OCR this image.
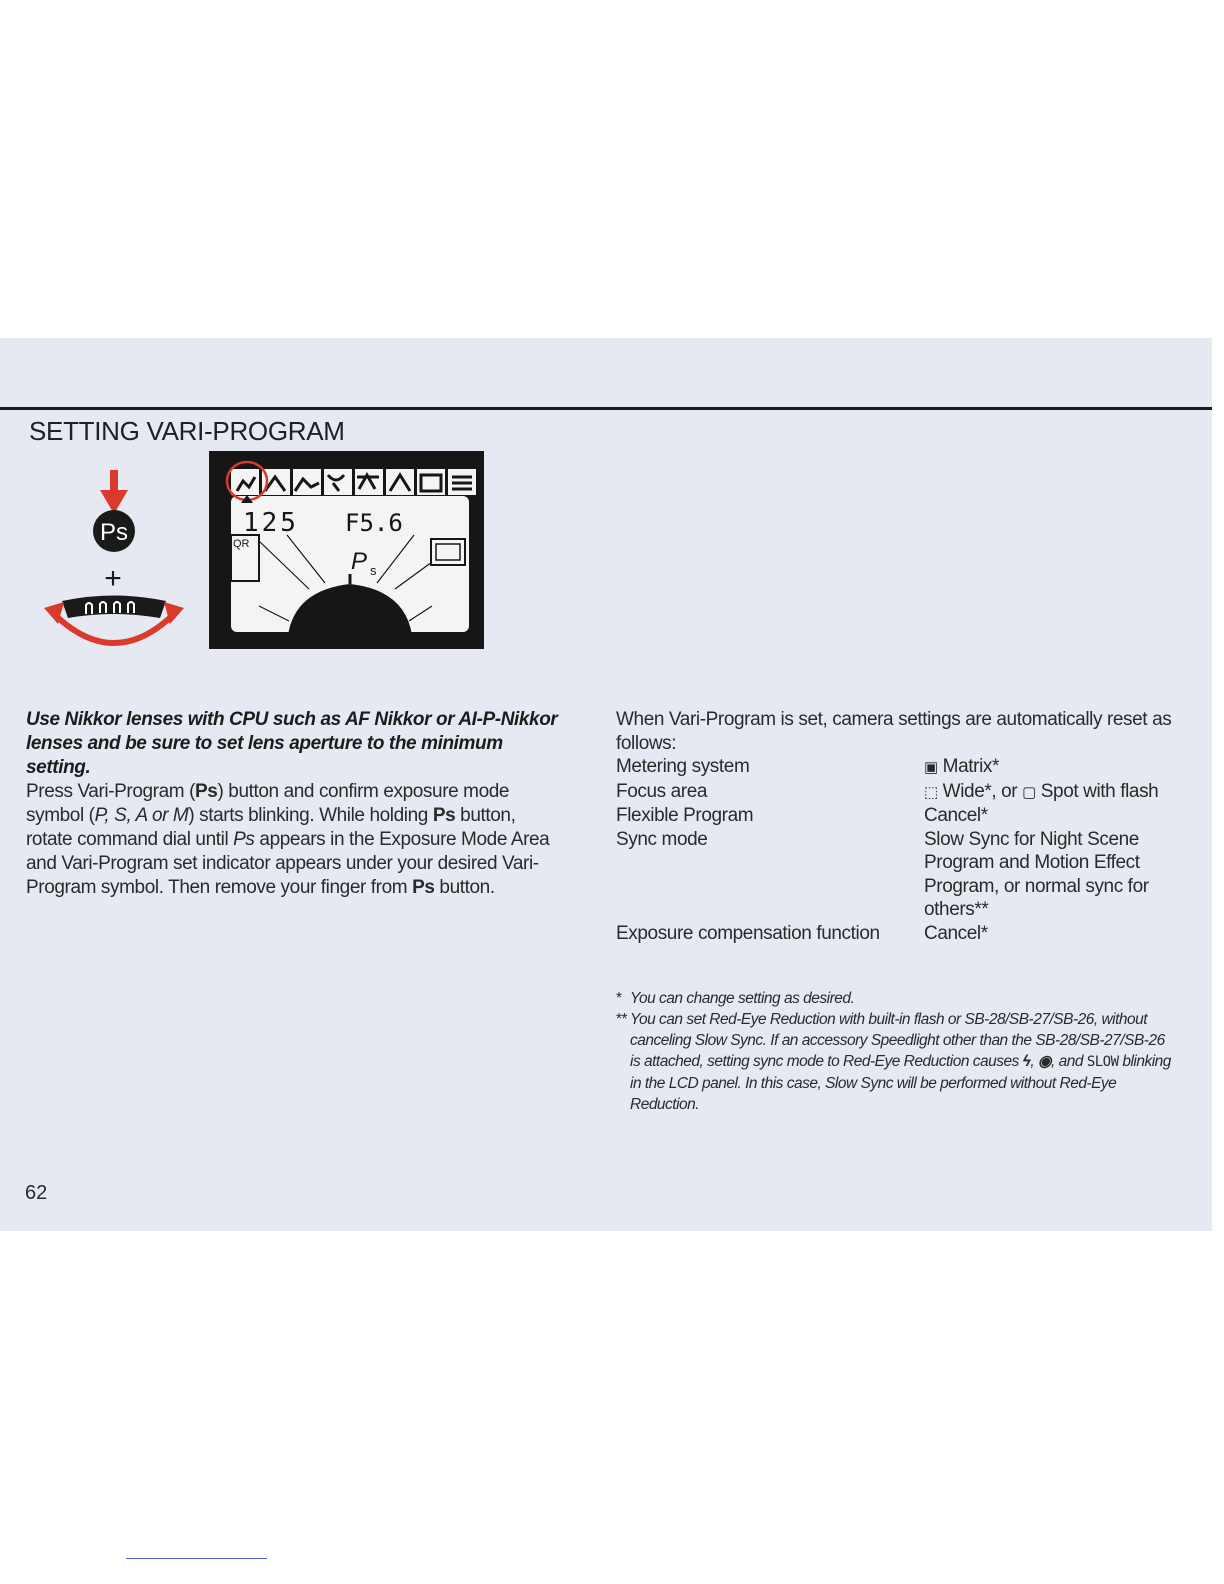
SETTING VARI-PROGRAM
Ps
+
125 F5.6
QR
P s

Use Nikkor lenses with CPU such as AF Nikkor or AI-P-Nikkor lenses and be sure to set lens aperture to the minimum setting.

Press Vari-Program (Ps) button and confirm exposure mode symbol (P, S, A or M) starts blinking. While holding Ps button, rotate command dial until Ps appears in the Exposure Mode Area and Vari-Program set indicator appears under your desired Vari-Program symbol. Then remove your finger from Ps button.

When Vari-Program is set, camera settings are automatically reset as follows:

Metering system	▣ Matrix*
Focus area	⬚ Wide*, or ▢ Spot with flash
Flexible Program	Cancel*
Sync mode	Slow Sync for Night Scene Program and Motion Effect Program, or normal sync for others**
Exposure compensation function	Cancel*
* You can change setting as desired.
** You can set Red-Eye Reduction with built-in flash or SB-28/SB-27/SB-26, without canceling Slow Sync. If an accessory Speedlight other than the SB-28/SB-27/SB-26 is attached, setting sync mode to Red-Eye Reduction causes ϟ, ◉, and SLOW blinking in the LCD panel. In this case, Slow Sync will be performed without Red-Eye Reduction.
62
